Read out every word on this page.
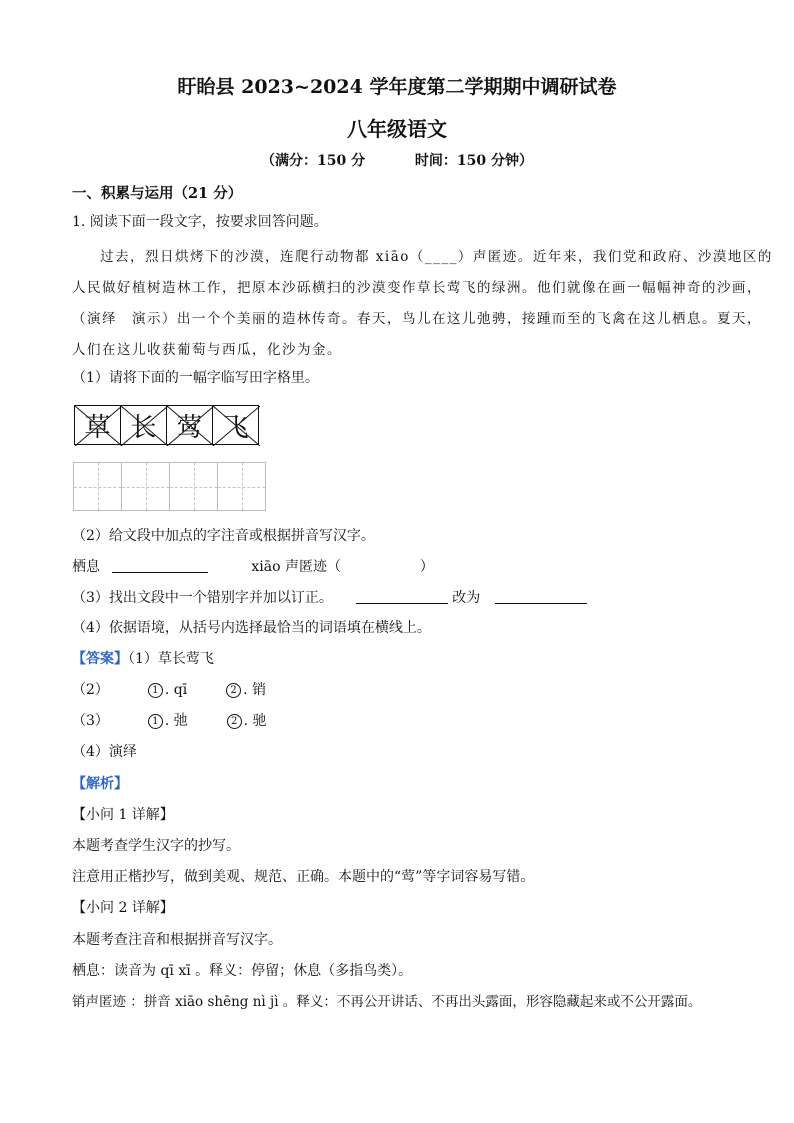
盱眙县 2023~2024 学年度第二学期期中调研试卷
八年级语文
（满分：150 分	时间：150 分钟）
一、积累与运用（21 分）
1. 阅读下面一段文字，按要求回答问题。
过去，烈日烘烤下的沙漠，连爬行动物都 xiāo（____）声匿迹。近年来，我们党和政府、沙漠地区的
人民做好植树造林工作，把原本沙砾横扫的沙漠变作草长莺飞的绿洲。他们就像在画一幅幅神奇的沙画，
（演绎　演示）出一个个美丽的造林传奇。春天，鸟儿在这儿弛骋，接踵而至的飞禽在这儿栖息。夏天，
人们在这儿收获葡萄与西瓜，化沙为金。
（1）请将下面的一幅字临写田字格里。
草 长 莺 飞
（2）给文段中加点的字注音或根据拼音写汉字。
栖息	xiāo 声匿迹（	）
（3）找出文段中一个错别字并加以订正。	改为
（4）依据语境，从括号内选择最恰当的词语填在横线上。
【答案】（1）草长莺飞
（2）	1 . qī	2 . 销
（3）	1 . 弛	2 . 驰
（4）演绎
【解析】
【小问 1 详解】
本题考查学生汉字的抄写。
注意用正楷抄写，做到美观、规范、正确。本题中的“莺”等字词容易写错。
【小问 2 详解】
本题考查注音和根据拼音写汉字。
栖息：读音为 qī xī 。释义：停留；休息（多指鸟类）。
销声匿迹 ：拼音 xiāo shēng nì jì 。释义：不再公开讲话、不再出头露面，形容隐藏起来或不公开露面。
